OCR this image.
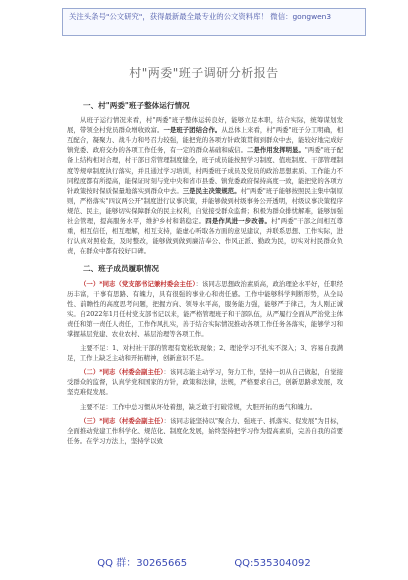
关注头条号"公文研究"，获得最新最全最专业的公文资料库！ 微信：gongwen3
村"两委"班子调研分析报告
一、村"两委"班子整体运行情况

从班子运行情况来看，村"两委"班子整体运转良好，能够立足本职，结合实际，统筹谋划发展，带领全村党员群众增收致富。一是班子团结合作。从总体上来看，村"两委"班子分工明确，相互配合，凝聚力、战斗力和号召力较强，能把党的各项方针政策贯彻到群众中去，能较好地完成好镇党委、政府交办的各项工作任务，有一定的群众基础和威信。二是作用发挥明显。"两委"班子配备上结构相对合理，村干部日常管理制度健全，班子成员能按照学习制度、值班制度、干部管理制度等规章制度执行落实，并且通过学习培训，村两委班子成员及党员的政治思想素质、工作能力不同程度都有所提高，能保证时刻与党中央和省市县委、镇党委政府保持高度一致，能把党的各项方针政策按时保质保量地落实到群众中去。三是民主决策规范。村"两委"班子能够按照民主集中制原则，严格落实"四议两公开"制度进行议事决策，并能够做到村级事务公开透明，村级议事决策程序规范、民主，能够切实保障群众的民主权利，自觉接受群众监督；积极为群众排忧解难，能够加强社会管理，提高服务水平，维护乡村和谐稳定。四是作风进一步改善。村"两委"干部之间相互尊重，相互信任，相互理解，相互支持，能虚心听取各方面的意见建议，并联系思想、工作实际，进行认真对照检查，及时整改，能够做到做到廉洁奉公、作风正派、勤政为民，切实对村民群众负责，在群众中都有较好口碑。

二、班子成员履职情况

（一）*同志（党支部书记兼村委会主任）：该同志思想政治素质高，政治理论水平好，任职经历丰富，干事有思路、有魄力，具有很强的事业心和责任感。工作中能够科学判断形势，从全局性、前瞻性的高度思考问题，把握方向、领导水平高，服务能力强，能够严于律己，为人刚正诚实。自2022年1月任村党支部书记以来，能严格管理班子和干部队伍，从严履行全面从严治党主体责任和第一责任人责任，工作作风扎实，善于结合实际情况推动各项工作任务各落实，能够学习和掌握基层党建、农业农村、基层治理等各项工作。

主要不足：1、对村社干部的管理有宽松软现象；2、理论学习不扎实不深入；3、容易自我满足，工作上缺乏主动和开拓精神，创新意识不足。

（二）*同志（村委会副主任）：该同志能主动学习，努力工作，坚持一切从自己做起，自觉接受群众的监督，认真学党和国家的方针，政策和法律，法规，严格要求自己，创新思路求发展，攻坚克难促发展。

主要不足：工作中总习惯从坏处着想，缺乏敢于打破常规，大胆开拓的勇气和魄力。

（三）*同志（村委会副主任）：该同志能坚持以"聚合力、强班子、抓落实、促发展"为目标，全面推动党建工作科学化、规范化、制度化发展，始终坚持把学习作为提高素质，完善自我的首要任务。在学习方法上，坚持学以致

QQ 群：30265665	QQ:535304092
